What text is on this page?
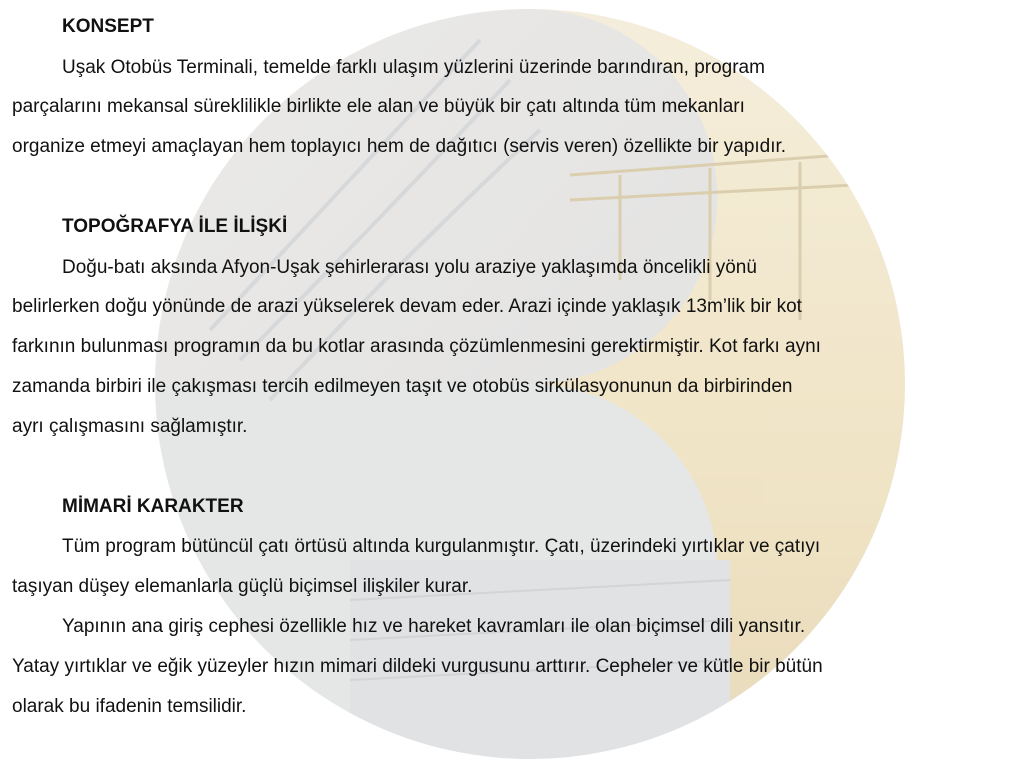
KONSEPT
Uşak Otobüs Terminali, temelde farklı ulaşım yüzlerini üzerinde barındıran, program
parçalarını mekansal süreklilikle birlikte ele alan ve büyük bir çatı altında tüm mekanları
organize etmeyi amaçlayan hem toplayıcı hem de dağıtıcı (servis veren) özellikte bir yapıdır.
TOPOĞRAFYA İLE İLİŞKİ
Doğu-batı aksında Afyon-Uşak şehirlerarası yolu araziye yaklaşımda öncelikli yönü
belirlerken doğu yönünde de arazi yükselerek devam eder. Arazi içinde yaklaşık 13m’lik bir kot
farkının bulunması programın da bu kotlar arasında çözümlenmesini gerektirmiştir. Kot farkı aynı
zamanda birbiri ile çakışması tercih edilmeyen taşıt ve otobüs sirkülasyonunun da birbirinden
ayrı çalışmasını sağlamıştır.
MİMARİ KARAKTER
Tüm program bütüncül çatı örtüsü altında kurgulanmıştır. Çatı, üzerindeki yırtıklar ve çatıyı
taşıyan düşey elemanlarla güçlü biçimsel ilişkiler kurar.
Yapının ana giriş cephesi özellikle hız ve hareket kavramları ile olan biçimsel dili yansıtır.
Yatay yırtıklar ve eğik yüzeyler hızın mimari dildeki vurgusunu arttırır. Cepheler ve kütle bir bütün
olarak bu ifadenin temsilidir.
